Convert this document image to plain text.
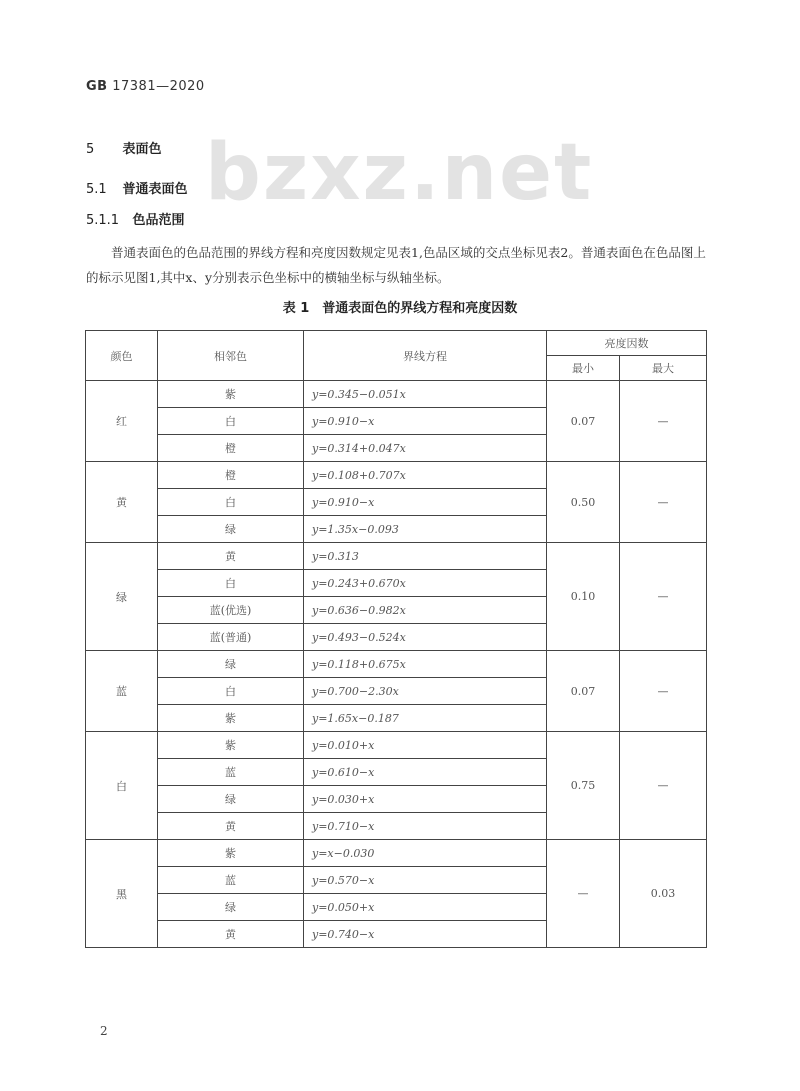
GB 17381—2020
bzxz.net
5 表面色
5.1 普通表面色
5.1.1 色品范围
普通表面色的色品范围的界线方程和亮度因数规定见表1,色品区域的交点坐标见表2。普通表面色在色品图上的标示见图1,其中x、y分别表示色坐标中的横轴坐标与纵轴坐标。
表 1　普通表面色的界线方程和亮度因数
颜色	相邻色	界线方程	亮度因数	
			最小	最大
红	紫	y=0.345−0.051x	0.07	—
	白	y=0.910−x		
	橙	y=0.314+0.047x		
黄	橙	y=0.108+0.707x	0.50	—
	白	y=0.910−x		
	绿	y=1.35x−0.093		
绿	黄	y=0.313	0.10	—
	白	y=0.243+0.670x		
	蓝(优选)	y=0.636−0.982x		
	蓝(普通)	y=0.493−0.524x		
蓝	绿	y=0.118+0.675x	0.07	—
	白	y=0.700−2.30x		
	紫	y=1.65x−0.187		
白	紫	y=0.010+x	0.75	—
	蓝	y=0.610−x		
	绿	y=0.030+x		
	黄	y=0.710−x		
黑	紫	y=x−0.030	—	0.03
	蓝	y=0.570−x		
	绿	y=0.050+x		
	黄	y=0.740−x		
2
